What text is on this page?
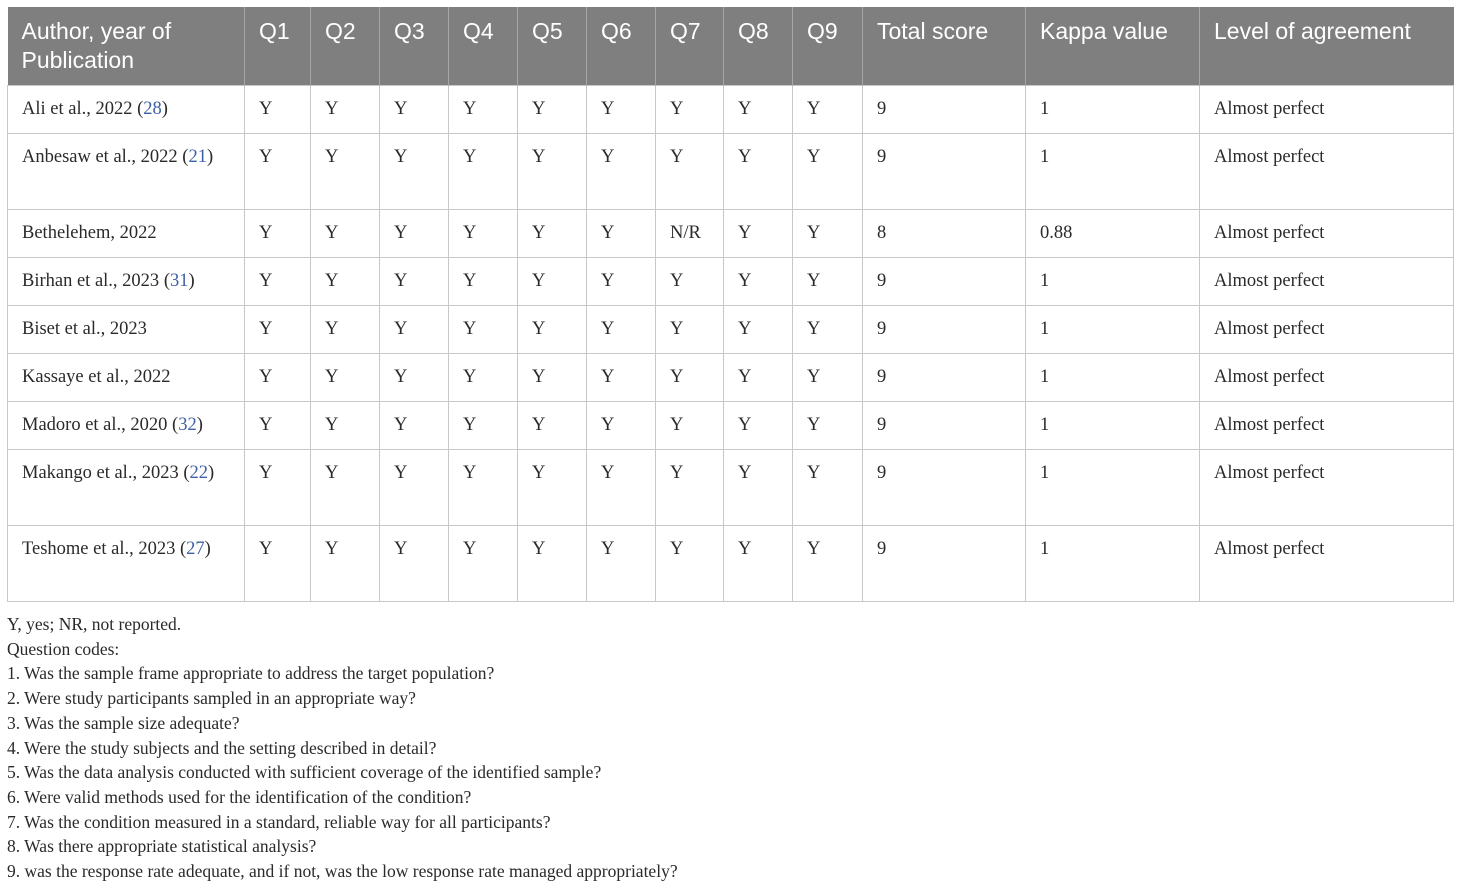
Author, year of Publication	Q1	Q2	Q3	Q4	Q5	Q6	Q7	Q8	Q9	Total score	Kappa value	Level of agreement
Ali et al., 2022 (28)	Y	Y	Y	Y	Y	Y	Y	Y	Y	9	1	Almost perfect
Anbesaw et al., 2022 (21)	Y	Y	Y	Y	Y	Y	Y	Y	Y	9	1	Almost perfect
Bethelehem, 2022	Y	Y	Y	Y	Y	Y	N/R	Y	Y	8	0.88	Almost perfect
Birhan et al., 2023 (31)	Y	Y	Y	Y	Y	Y	Y	Y	Y	9	1	Almost perfect
Biset et al., 2023	Y	Y	Y	Y	Y	Y	Y	Y	Y	9	1	Almost perfect
Kassaye et al., 2022	Y	Y	Y	Y	Y	Y	Y	Y	Y	9	1	Almost perfect
Madoro et al., 2020 (32)	Y	Y	Y	Y	Y	Y	Y	Y	Y	9	1	Almost perfect
Makango et al., 2023 (22)	Y	Y	Y	Y	Y	Y	Y	Y	Y	9	1	Almost perfect
Teshome et al., 2023 (27)	Y	Y	Y	Y	Y	Y	Y	Y	Y	9	1	Almost perfect
Y, yes; NR, not reported.
Question codes:
1. Was the sample frame appropriate to address the target population?
2. Were study participants sampled in an appropriate way?
3. Was the sample size adequate?
4. Were the study subjects and the setting described in detail?
5. Was the data analysis conducted with sufficient coverage of the identified sample?
6. Were valid methods used for the identification of the condition?
7. Was the condition measured in a standard, reliable way for all participants?
8. Was there appropriate statistical analysis?
9. was the response rate adequate, and if not, was the low response rate managed appropriately?
